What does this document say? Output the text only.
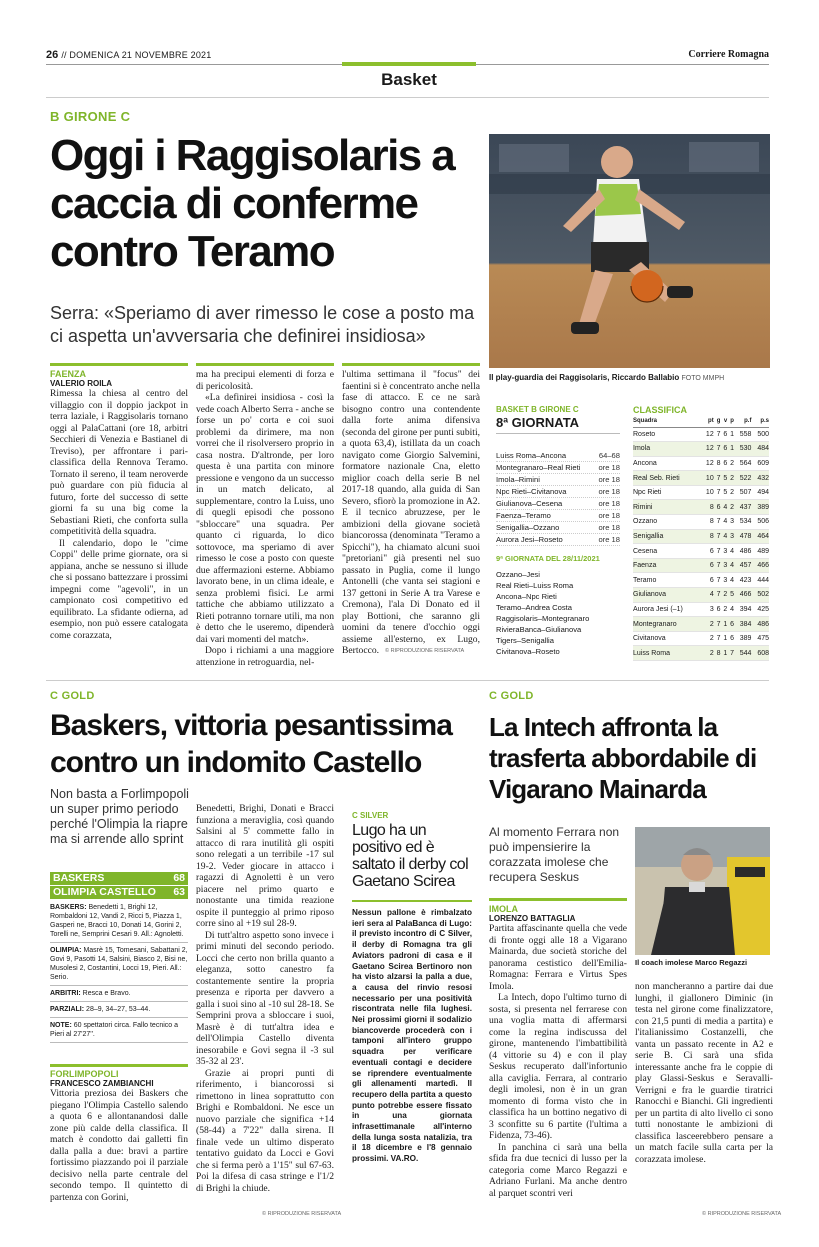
26 // DOMENICA 21 NOVEMBRE 2021	Corriere Romagna
Basket
B GIRONE C
Oggi i Raggisolaris a caccia di conferme contro Teramo
Serra: «Speriamo di aver rimesso le cose a posto ma ci aspetta un'avversaria che definirei insidiosa»
FAENZA
VALERIO ROILA

Rimessa la chiesa al centro del villaggio con il doppio jackpot in terra laziale, i Raggisolaris tornano oggi al PalaCattani (ore 18, arbitri Secchieri di Venezia e Bastianel di Treviso), per affrontare i pari-classifica della Rennova Teramo. Tornato il sereno, il team neroverde può guardare con più fiducia al futuro, forte del successo di sette giorni fa su una big come la Sebastiani Rieti, che conforta sulla competitività della squadra.

Il calendario, dopo le "cime Coppi" delle prime giornate, ora si appiana, anche se nessuno si illude che si possano battezzare i prossimi impegni come "agevoli", in un campionato così competitivo ed equilibrato. La sfidante odierna, ad esempio, non può essere catalogata come corazzata,

ma ha precipui elementi di forza e di pericolosità.

«La definirei insidiosa - così la vede coach Alberto Serra - anche se forse un po' corta e coi suoi problemi da dirimere, ma non vorrei che il risolversero proprio in casa nostra. D'altronde, per loro questa è una partita con minore pressione e vengono da un successo in un match delicato, al supplementare, contro la Luiss, uno di quegli episodi che possono "sbloccare" una squadra. Per quanto ci riguarda, lo dico sottovoce, ma speriamo di aver rimesso le cose a posto con queste due affermazioni esterne. Abbiamo lavorato bene, in un clima ideale, e senza problemi fisici. Le armi tattiche che abbiamo utilizzato a Rieti potranno tornare utili, ma non è detto che le useremo, dipenderà dai vari momenti del match».

Dopo i richiami a una maggiore attenzione in retroguardia, nel-

l'ultima settimana il "focus" dei faentini si è concentrato anche nella fase di attacco. E ce ne sarà bisogno contro una contendente dalla forte anima difensiva (seconda del girone per punti subiti, a quota 63,4), istillata da un coach navigato come Giorgio Salvemini, formatore nazionale Cna, eletto miglior coach della serie B nel 2017-18 quando, alla guida di San Severo, sfiorò la promozione in A2. E il tecnico abruzzese, per le ambizioni della giovane società biancorossa (denominata "Teramo a Spicchi"), ha chiamato alcuni suoi "pretoriani" già presenti nel suo passato in Puglia, come il lungo Antonelli (che vanta sei stagioni e 137 gettoni in Serie A tra Varese e Cremona), l'ala Di Donato ed il play Bottioni, che saranno gli uomini da tenere d'occhio oggi assieme all'esterno, ex Lugo, Bertocco.	© RIPRODUZIONE RISERVATA
Il play-guardia dei Raggisolaris, Riccardo Ballabio FOTO MMPH
BASKET B GIRONE C
8ª GIORNATA
Luiss Roma–Ancona	64–68
Montegranaro–Real Rieti ore 18
Imola–Rimini	ore 18
Npc Rieti–Civitanova	ore 18
Giulianova–Cesena	ore 18
Faenza–Teramo	ore 18
Senigallia–Ozzano	ore 18
Aurora Jesi–Roseto	ore 18
9ª GIORNATA DEL 28/11/2021
Ozzano–Jesi
Real Rieti–Luiss Roma
Ancona–Npc Rieti
Teramo–Andrea Costa
Raggisolaris–Montegranaro
RivieraBanca–Giulianova
Tigers–Senigallia
Civitanova–Roseto
CLASSIFICA
Squadra	pt	g	v	p	p.f	p.s
Roseto	12	7	6	1	558	500
Imola	12	7	6	1	530	484
Ancona	12	8	6	2	564	609
Real Seb. Rieti	10	7	5	2	522	432
Npc Rieti	10	7	5	2	507	494
Rimini	8	6	4	2	437	389
Ozzano	8	7	4	3	534	506
Senigallia	8	7	4	3	478	464
Cesena	6	7	3	4	486	489
Faenza	6	7	3	4	457	466
Teramo	6	7	3	4	423	444
Giulianova	4	7	2	5	466	502
Aurora Jesi (–1)	3	6	2	4	394	425
Montegranaro	2	7	1	6	384	486
Civitanova	2	7	1	6	389	475
Luiss Roma	2	8	1	7	544	608
C GOLD
Baskers, vittoria pesantissima contro un indomito Castello
Non basta a Forlimpopoli un super primo periodo perché l'Olimpia la riapre ma si arrende allo sprint
BASKERS	68
OLIMPIA CASTELLO 63
BASKERS: Benedetti 1, Brighi 12, Rombaldoni 12, Vandi 2, Ricci 5, Piazza 1, Gasperi ne, Bracci 10, Donati 14, Gorini 2, Torelli ne, Semprini Cesari 9. All.: Agnoletti.
OLIMPIA: Masrè 15, Tomesani, Sabattani 2, Govi 9, Pasotti 14, Salsini, Biasco 2, Bisi ne, Musolesi 2, Costantini, Locci 19, Pieri. All.: Serio.
ARBITRI: Resca e Bravo.
PARZIALI: 28–9, 34–27, 53–44.
NOTE: 60 spettatori circa. Fallo tecnico a Pieri al 27'27''.
FORLIMPOPOLI
FRANCESCO ZAMBIANCHI

Vittoria preziosa dei Baskers che piegano l'Olimpia Castello salendo a quota 6 e allontanandosi dalle zone più calde della classifica. Il match è condotto dai galletti fin dalla palla a due: bravi a partire fortissimo piazzando poi il parziale decisivo nella parte centrale del secondo tempo. Il quintetto di partenza con Gorini,

Benedetti, Brighi, Donati e Bracci funziona a meraviglia, così quando Salsini al 5' commette fallo in attacco di rara inutilità gli ospiti sono relegati a un terribile -17 sul 19-2. Veder giocare in attacco i ragazzi di Agnoletti è un vero piacere nel primo quarto e nonostante una timida reazione ospite il punteggio al primo riposo corre sino al +19 sul 28-9.

Di tutt'altro aspetto sono invece i primi minuti del secondo periodo. Locci che certo non brilla quanto a eleganza, sotto canestro fa costantemente sentire la propria presenza e riporta per davvero a galla i suoi sino al -10 sul 28-18. Se Semprini prova a sbloccare i suoi, Masrè è di tutt'altra idea e dell'Olimpia Castello diventa inesorabile e Govi segna il -3 sul 35-32 al 23'.

Grazie ai propri punti di riferimento, i biancorossi si rimettono in linea soprattutto con Brighi e Rombaldoni. Ne esce un nuovo parziale che significa +14 (58-44) a 7'22" dalla sirena. Il finale vede un ultimo disperato tentativo guidato da Locci e Govi che si ferma però a 1'15" sul 67-63. Poi la difesa di casa stringe e l'1/2 di Brighi la chiude.

© RIPRODUZIONE RISERVATA
C SILVER
Lugo ha un positivo ed è saltato il derby col Gaetano Scirea
Nessun pallone è rimbalzato ieri sera al PalaBanca di Lugo: il previsto incontro di C Silver, il derby di Romagna tra gli Aviators padroni di casa e il Gaetano Scirea Bertinoro non ha visto alzarsi la palla a due, a causa del rinvio resosi necessario per una positività riscontrata nelle fila lughesi. Nei prossimi giorni il sodalizio biancoverde procederà con i tamponi all'intero gruppo squadra per verificare eventuali contagi e decidere se riprendere eventualmente gli allenamenti martedì. Il recupero della partita a questo punto potrebbe essere fissato in una giornata infrasettimanale all'interno della lunga sosta natalizia, tra il 18 dicembre e l'8 gennaio prossimi. VA.RO.
C GOLD
La Intech affronta la trasferta abbordabile di Vigarano Mainarda
Al momento Ferrara non può impensierire la corazzata imolese che recupera Seskus
Il coach imolese Marco Regazzi
IMOLA
LORENZO BATTAGLIA

Partita affascinante quella che vede di fronte oggi alle 18 a Vigarano Mainarda, due società storiche del panorama cestistico dell'Emilia-Romagna: Ferrara e Virtus Spes Imola.

La Intech, dopo l'ultimo turno di sosta, si presenta nel ferrarese con una voglia matta di affermarsi come la regina indiscussa del girone, mantenendo l'imbattibilità (4 vittorie su 4) e con il play Seskus recuperato dall'infortunio alla caviglia. Ferrara, al contrario degli imolesi, non è in un gran momento di forma visto che in classifica ha un bottino negativo di 3 sconfitte su 6 partite (l'ultima a Fidenza, 73-46).

In panchina ci sarà una bella sfida fra due tecnici di lusso per la categoria come Marco Regazzi e Adriano Furlani. Ma anche dentro al parquet scontri veri

non mancheranno a partire dai due lunghi, il giallonero Diminic (in testa nel girone come finalizzatore, con 21,5 punti di media a partita) e l'italianissimo Costanzelli, che vanta un passato recente in A2 e serie B. Ci sarà una sfida interessante anche fra le coppie di play Glassi-Seskus e Seravalli-Verrigni e fra le guardie tiratrici Ranocchi e Bianchi. Gli ingredienti per un partita di alto livello ci sono tutti nonostante le ambizioni di classifica lasceerebbero pensare a un match facile sulla carta per la corazzata imolese.

© RIPRODUZIONE RISERVATA
